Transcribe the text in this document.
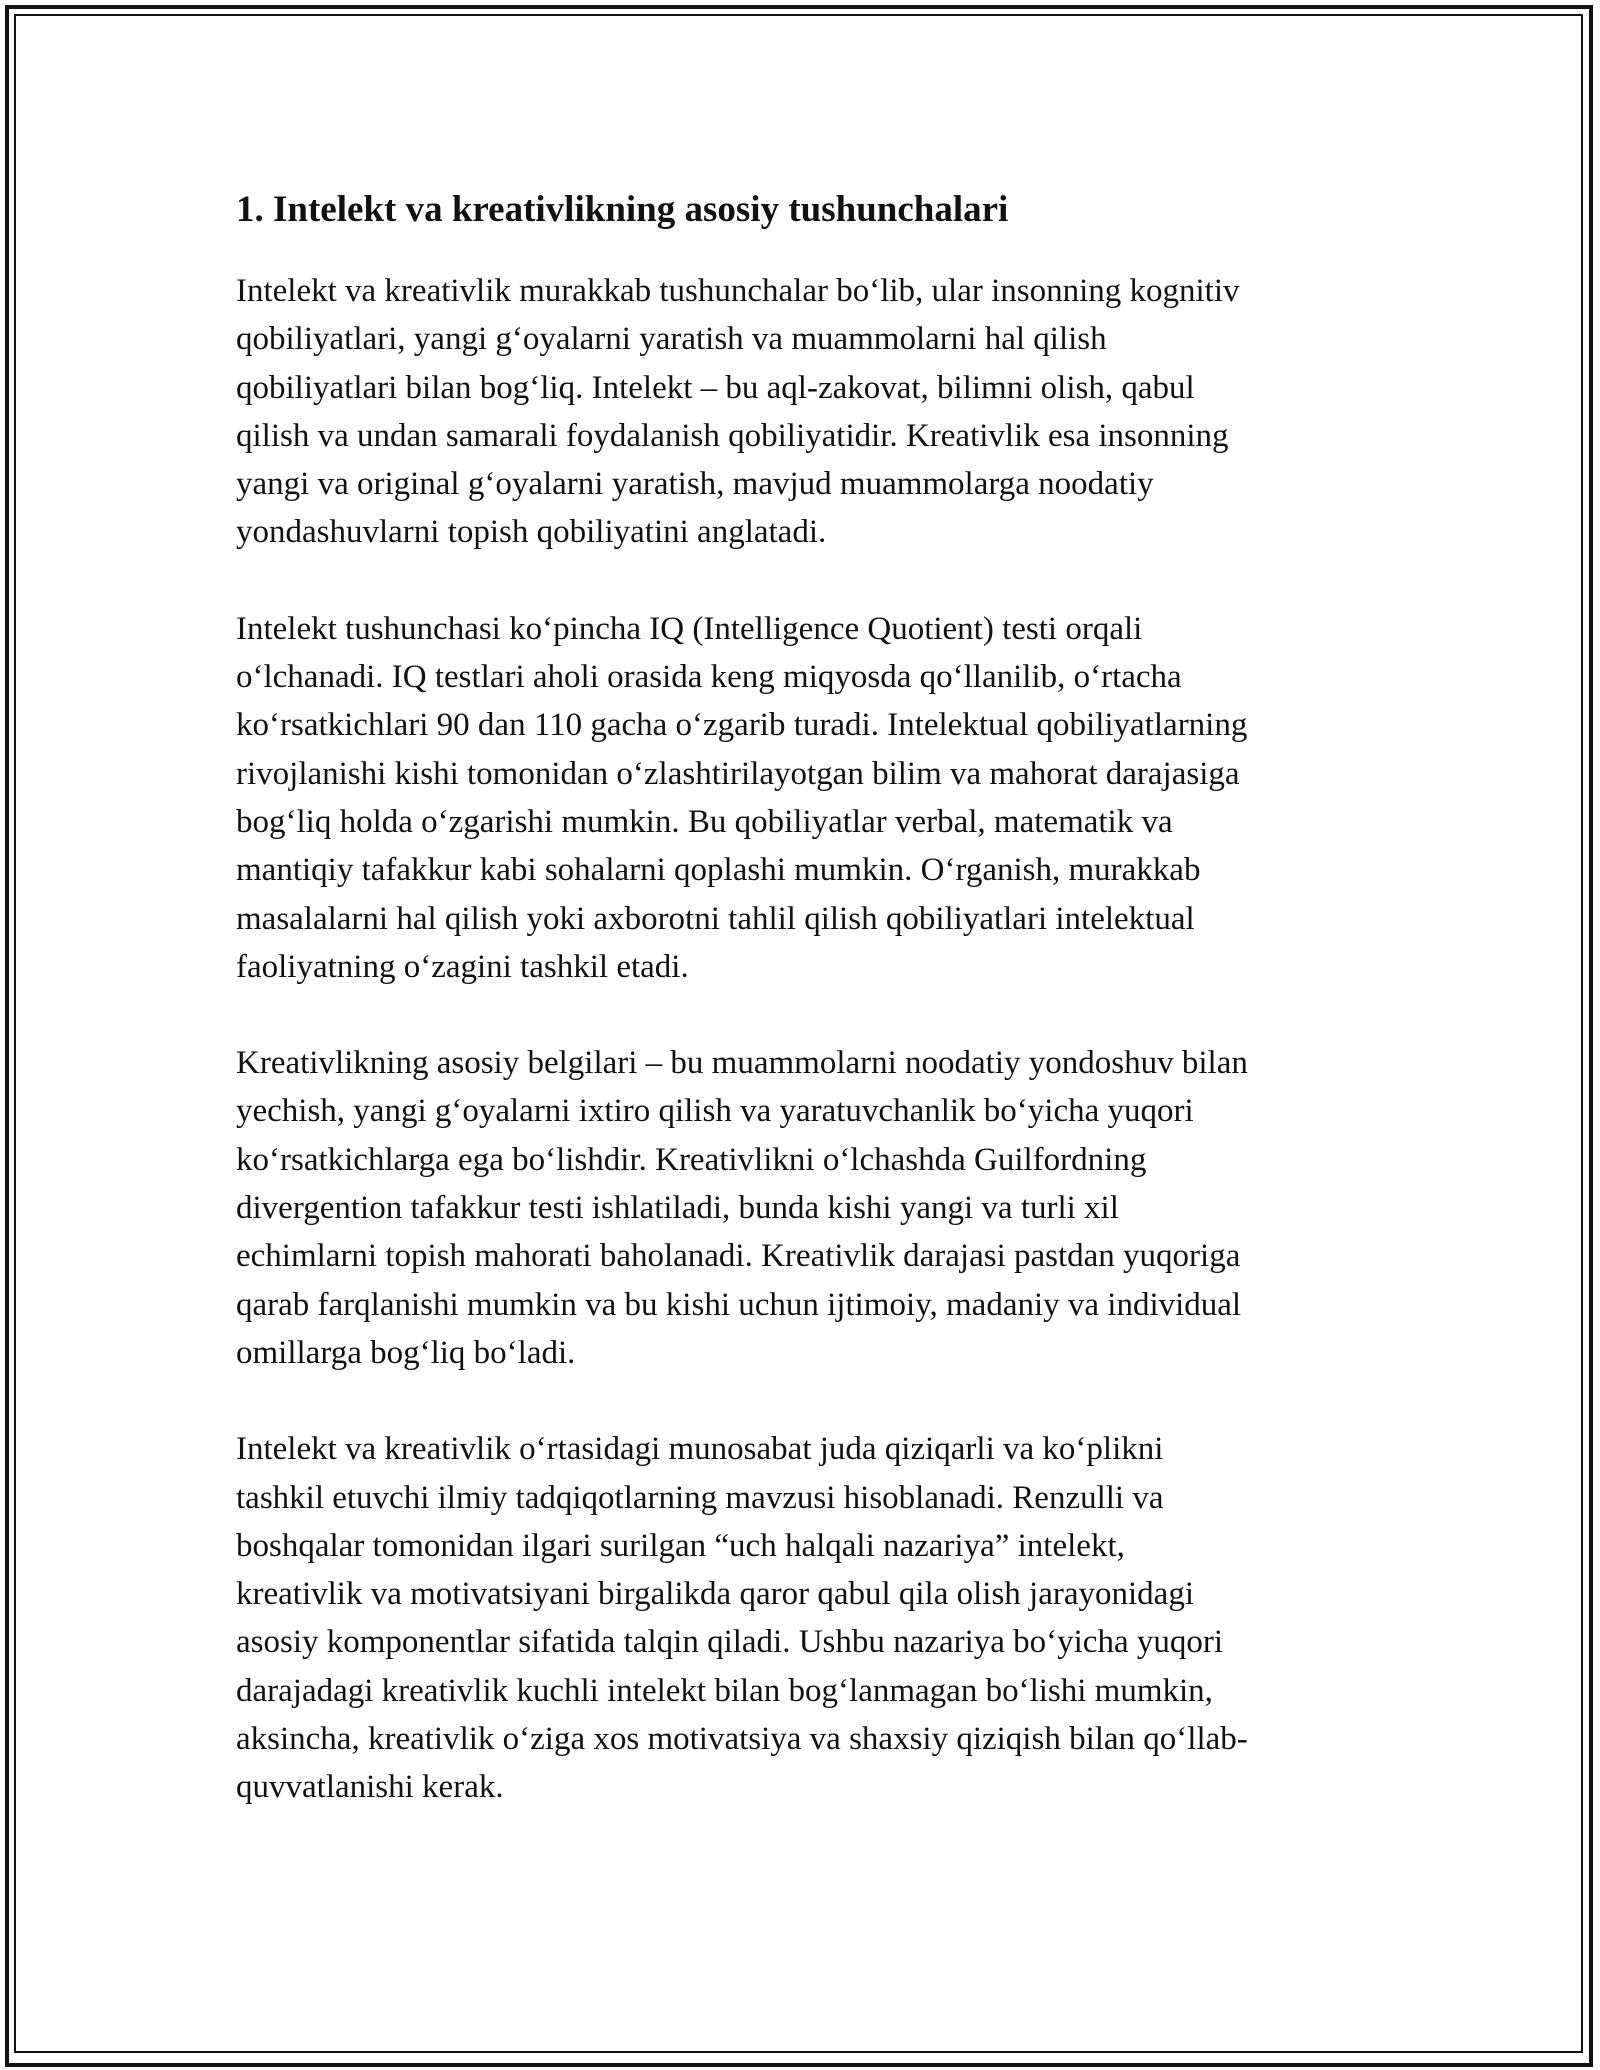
1. Intelekt va kreativlikning asosiy tushunchalari

Intelekt va kreativlik murakkab tushunchalar bo‘lib, ular insonning kognitiv
qobiliyatlari, yangi g‘oyalarni yaratish va muammolarni hal qilish
qobiliyatlari bilan bog‘liq. Intelekt – bu aql-zakovat, bilimni olish, qabul
qilish va undan samarali foydalanish qobiliyatidir. Kreativlik esa insonning
yangi va original g‘oyalarni yaratish, mavjud muammolarga noodatiy
yondashuvlarni topish qobiliyatini anglatadi.

Intelekt tushunchasi ko‘pincha IQ (Intelligence Quotient) testi orqali
o‘lchanadi. IQ testlari aholi orasida keng miqyosda qo‘llanilib, o‘rtacha
ko‘rsatkichlari 90 dan 110 gacha o‘zgarib turadi. Intelektual qobiliyatlarning
rivojlanishi kishi tomonidan o‘zlashtirilayotgan bilim va mahorat darajasiga
bog‘liq holda o‘zgarishi mumkin. Bu qobiliyatlar verbal, matematik va
mantiqiy tafakkur kabi sohalarni qoplashi mumkin. O‘rganish, murakkab
masalalarni hal qilish yoki axborotni tahlil qilish qobiliyatlari intelektual
faoliyatning o‘zagini tashkil etadi.

Kreativlikning asosiy belgilari – bu muammolarni noodatiy yondoshuv bilan
yechish, yangi g‘oyalarni ixtiro qilish va yaratuvchanlik bo‘yicha yuqori
ko‘rsatkichlarga ega bo‘lishdir. Kreativlikni o‘lchashda Guilfordning
divergention tafakkur testi ishlatiladi, bunda kishi yangi va turli xil
echimlarni topish mahorati baholanadi. Kreativlik darajasi pastdan yuqoriga
qarab farqlanishi mumkin va bu kishi uchun ijtimoiy, madaniy va individual
omillarga bog‘liq bo‘ladi.

Intelekt va kreativlik o‘rtasidagi munosabat juda qiziqarli va ko‘plikni
tashkil etuvchi ilmiy tadqiqotlarning mavzusi hisoblanadi. Renzulli va
boshqalar tomonidan ilgari surilgan “uch halqali nazariya” intelekt,
kreativlik va motivatsiyani birgalikda qaror qabul qila olish jarayonidagi
asosiy komponentlar sifatida talqin qiladi. Ushbu nazariya bo‘yicha yuqori
darajadagi kreativlik kuchli intelekt bilan bog‘lanmagan bo‘lishi mumkin,
aksincha, kreativlik o‘ziga xos motivatsiya va shaxsiy qiziqish bilan qo‘llab-
quvvatlanishi kerak.
